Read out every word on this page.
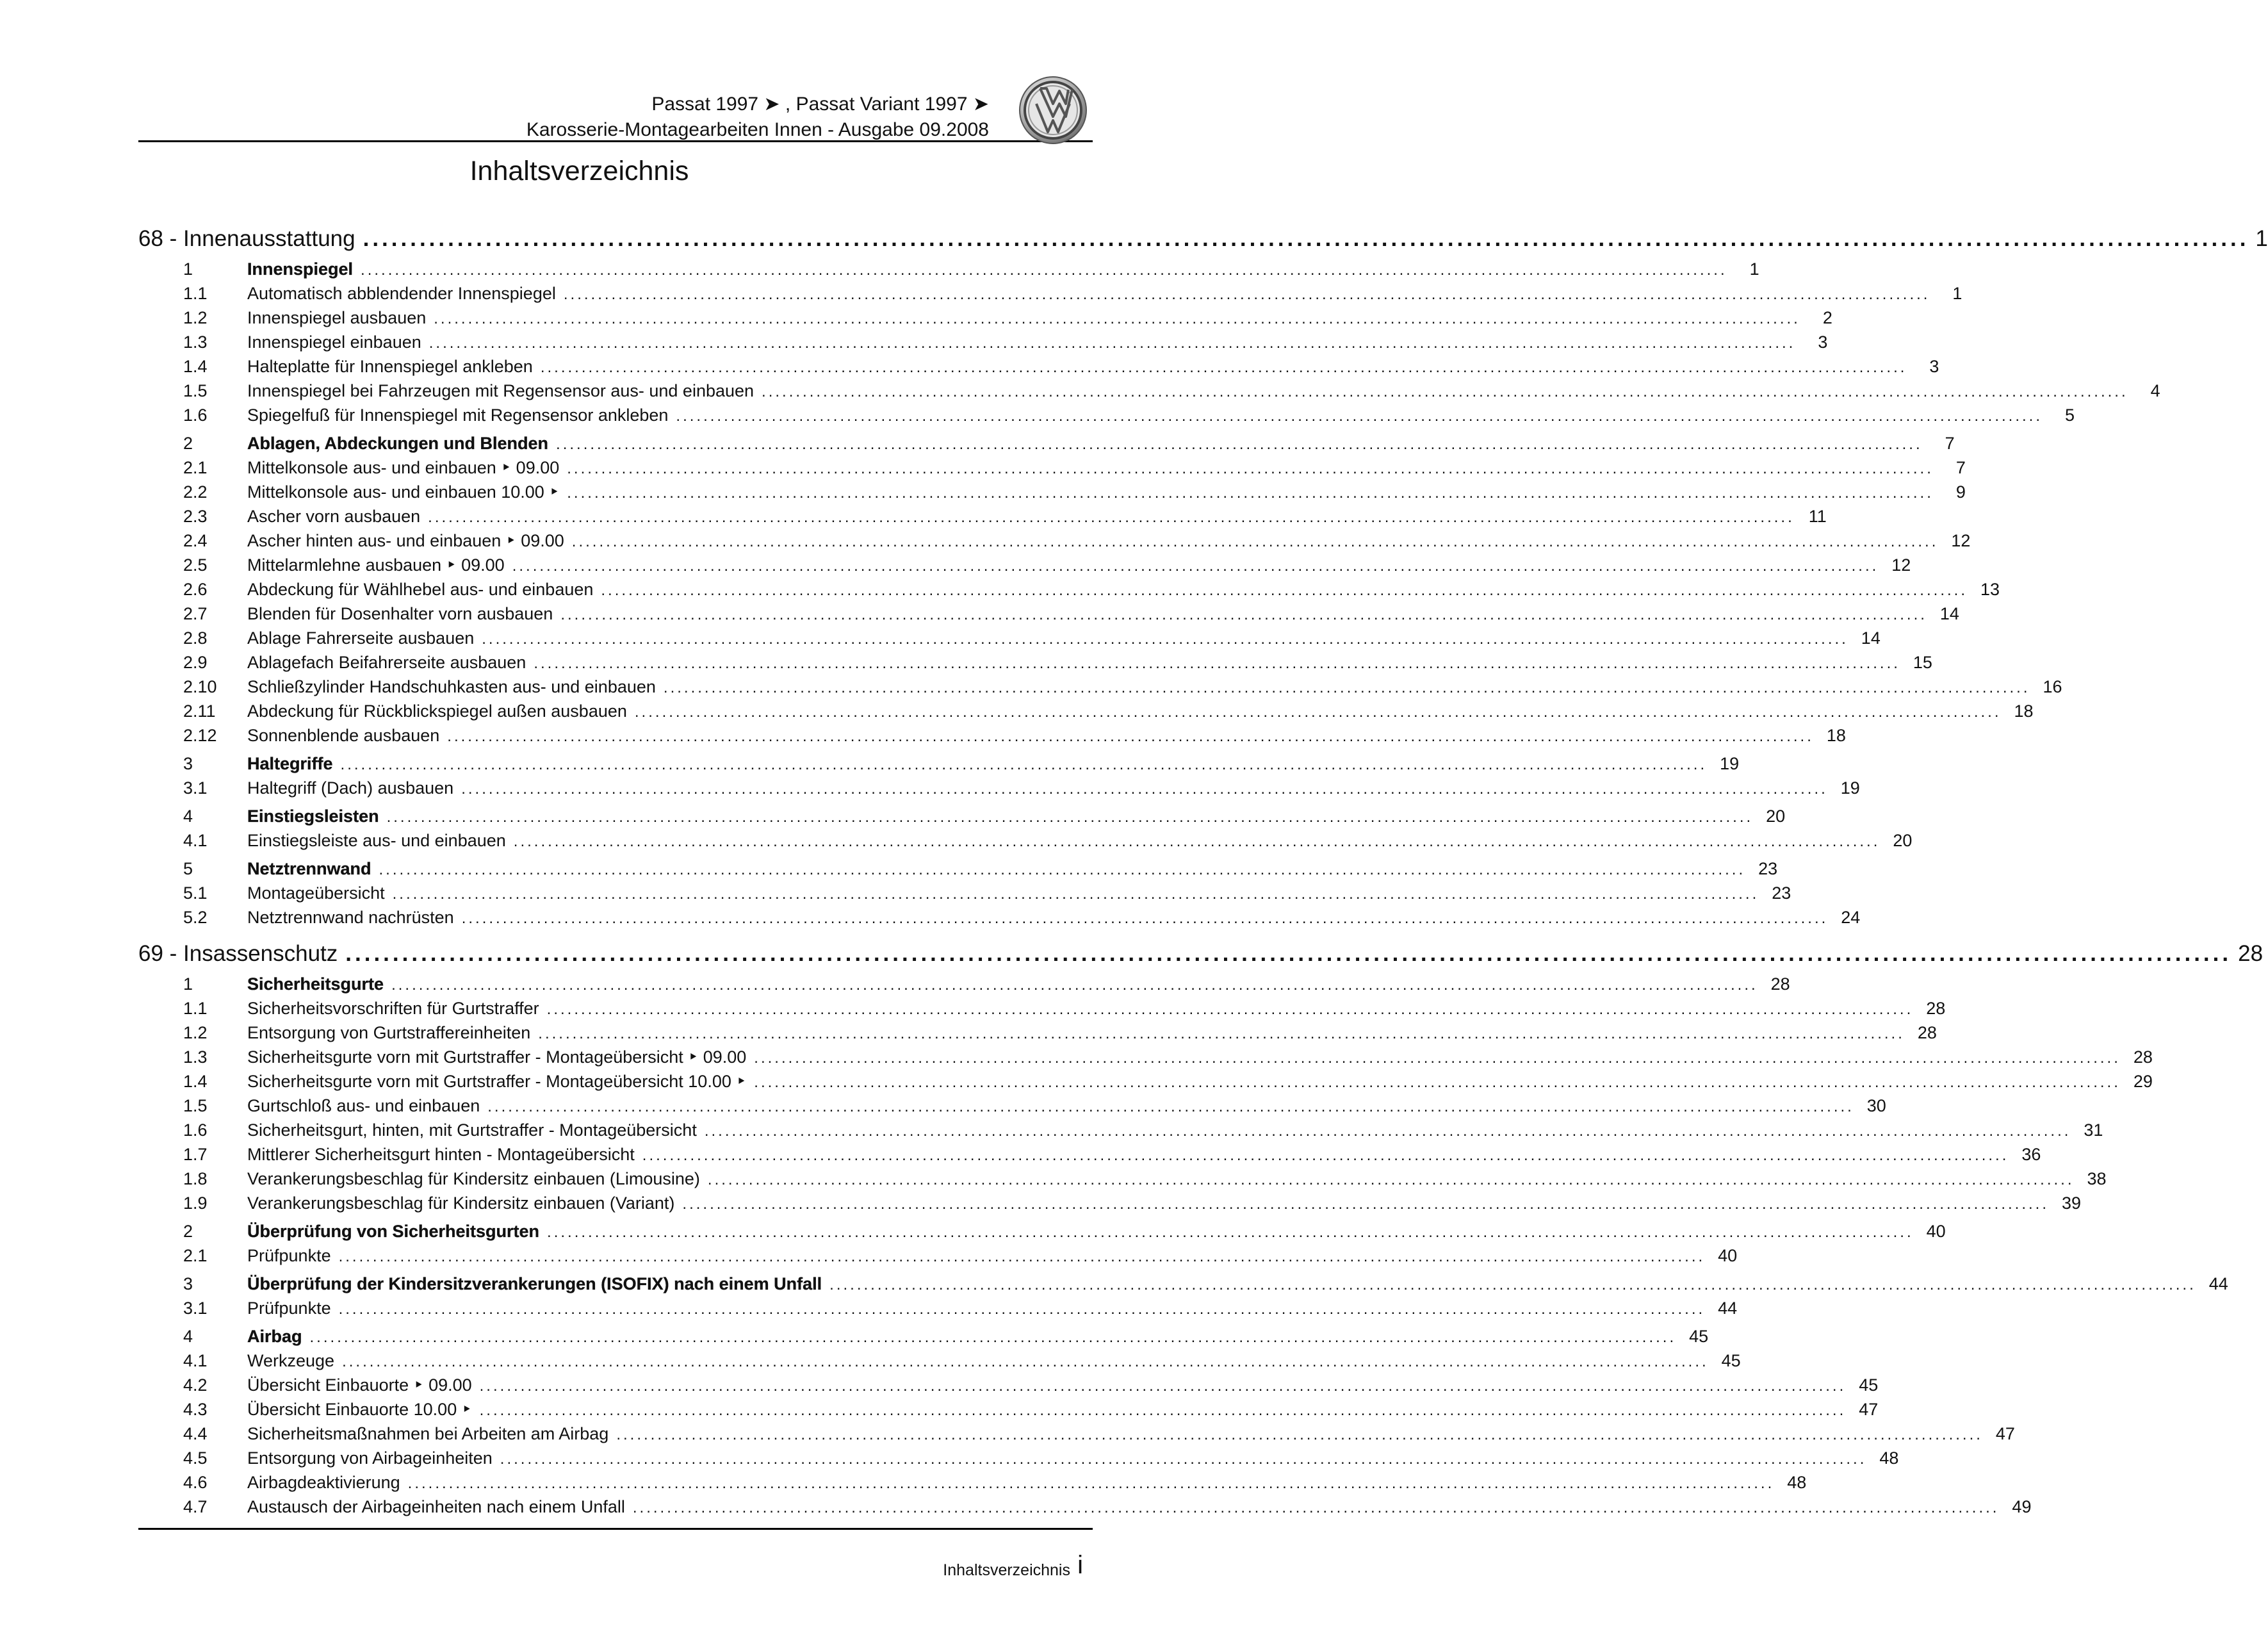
Passat 1997 ➤ , Passat Variant 1997 ➤
Karosserie-Montagearbeiten Innen - Ausgabe 09.2008
Inhaltsverzeichnis
68 - Innenausstattung ........................................................................................................................................................................................................ 1
1	Innenspiegel ........................................................................................................................................................................................................	1
1.1	Automatisch abblendender Innenspiegel ........................................................................................................................................................................................................	1
1.2	Innenspiegel ausbauen ........................................................................................................................................................................................................	2
1.3	Innenspiegel einbauen ........................................................................................................................................................................................................	3
1.4	Halteplatte für Innenspiegel ankleben ........................................................................................................................................................................................................	3
1.5	Innenspiegel bei Fahrzeugen mit Regensensor aus- und einbauen ........................................................................................................................................................................................................	4
1.6	Spiegelfuß für Innenspiegel mit Regensensor ankleben ........................................................................................................................................................................................................	5
2	Ablagen, Abdeckungen und Blenden ........................................................................................................................................................................................................	7
2.1	Mittelkonsole aus- und einbauen ‣ 09.00 ........................................................................................................................................................................................................	7
2.2	Mittelkonsole aus- und einbauen 10.00 ‣ ........................................................................................................................................................................................................	9
2.3	Ascher vorn ausbauen ........................................................................................................................................................................................................ 11
2.4	Ascher hinten aus- und einbauen ‣ 09.00 ........................................................................................................................................................................................................ 12
2.5	Mittelarmlehne ausbauen ‣ 09.00 ........................................................................................................................................................................................................ 12
2.6	Abdeckung für Wählhebel aus- und einbauen ........................................................................................................................................................................................................ 13
2.7	Blenden für Dosenhalter vorn ausbauen ........................................................................................................................................................................................................ 14
2.8	Ablage Fahrerseite ausbauen ........................................................................................................................................................................................................ 14
2.9	Ablagefach Beifahrerseite ausbauen ........................................................................................................................................................................................................ 15
2.10	Schließzylinder Handschuhkasten aus- und einbauen ........................................................................................................................................................................................................ 16
2.11	Abdeckung für Rückblickspiegel außen ausbauen ........................................................................................................................................................................................................ 18
2.12	Sonnenblende ausbauen ........................................................................................................................................................................................................ 18
3	Haltegriffe ........................................................................................................................................................................................................ 19
3.1	Haltegriff (Dach) ausbauen ........................................................................................................................................................................................................ 19
4	Einstiegsleisten ........................................................................................................................................................................................................ 20
4.1	Einstiegsleiste aus- und einbauen ........................................................................................................................................................................................................ 20
5	Netztrennwand ........................................................................................................................................................................................................ 23
5.1	Montageübersicht ........................................................................................................................................................................................................ 23
5.2	Netztrennwand nachrüsten ........................................................................................................................................................................................................ 24
69 - Insassenschutz ........................................................................................................................................................................................................ 28
1	Sicherheitsgurte ........................................................................................................................................................................................................ 28
1.1	Sicherheitsvorschriften für Gurtstraffer ........................................................................................................................................................................................................ 28
1.2	Entsorgung von Gurtstraffereinheiten ........................................................................................................................................................................................................ 28
1.3	Sicherheitsgurte vorn mit Gurtstraffer - Montageübersicht ‣ 09.00 ........................................................................................................................................................................................................ 28
1.4	Sicherheitsgurte vorn mit Gurtstraffer - Montageübersicht 10.00 ‣ ........................................................................................................................................................................................................ 29
1.5	Gurtschloß aus- und einbauen ........................................................................................................................................................................................................ 30
1.6	Sicherheitsgurt, hinten, mit Gurtstraffer - Montageübersicht ........................................................................................................................................................................................................ 31
1.7	Mittlerer Sicherheitsgurt hinten - Montageübersicht ........................................................................................................................................................................................................ 36
1.8	Verankerungsbeschlag für Kindersitz einbauen (Limousine) ........................................................................................................................................................................................................ 38
1.9	Verankerungsbeschlag für Kindersitz einbauen (Variant) ........................................................................................................................................................................................................ 39
2	Überprüfung von Sicherheitsgurten ........................................................................................................................................................................................................ 40
2.1	Prüfpunkte ........................................................................................................................................................................................................ 40
3	Überprüfung der Kindersitzverankerungen (ISOFIX) nach einem Unfall ........................................................................................................................................................................................................ 44
3.1	Prüfpunkte ........................................................................................................................................................................................................ 44
4	Airbag ........................................................................................................................................................................................................ 45
4.1	Werkzeuge ........................................................................................................................................................................................................ 45
4.2	Übersicht Einbauorte ‣ 09.00 ........................................................................................................................................................................................................ 45
4.3	Übersicht Einbauorte 10.00 ‣ ........................................................................................................................................................................................................ 47
4.4	Sicherheitsmaßnahmen bei Arbeiten am Airbag ........................................................................................................................................................................................................ 47
4.5	Entsorgung von Airbageinheiten ........................................................................................................................................................................................................ 48
4.6	Airbagdeaktivierung ........................................................................................................................................................................................................ 48
4.7	Austausch der Airbageinheiten nach einem Unfall ........................................................................................................................................................................................................ 49
Inhaltsverzeichnis i
